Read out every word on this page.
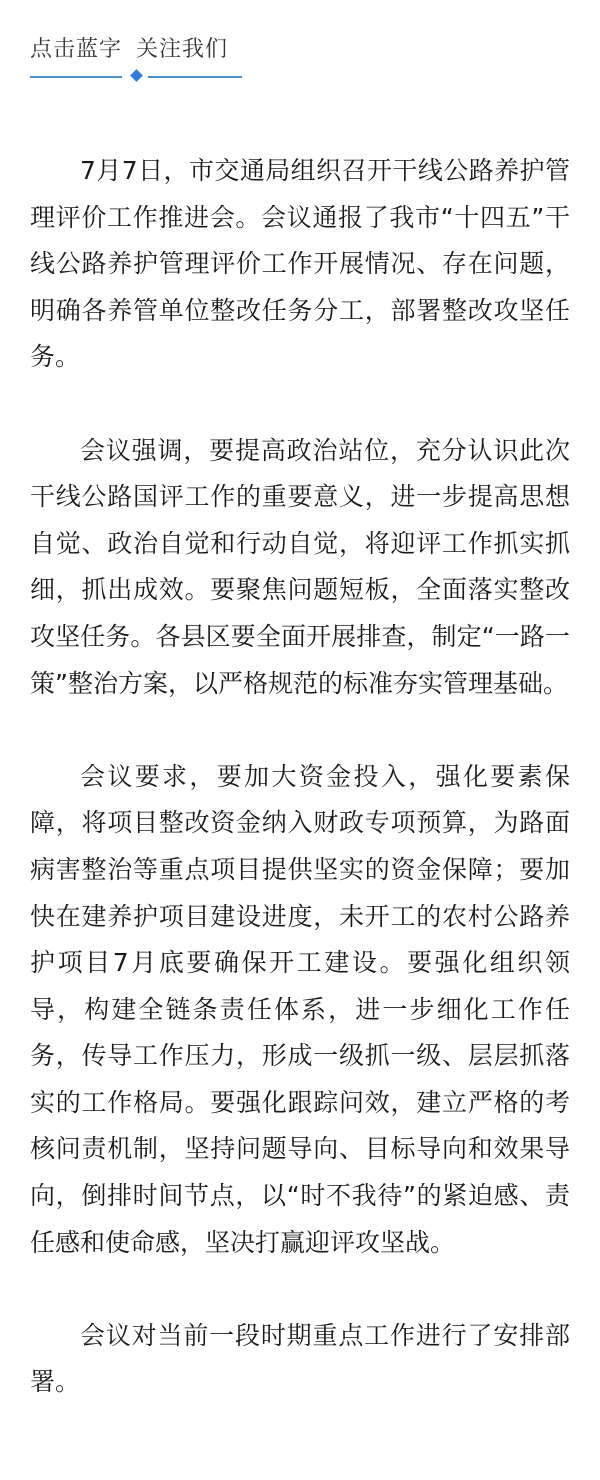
点击蓝字 关注我们

7月7日，市交通局组织召开干线公路养护管理评价工作推进会。会议通报了我市“十四五”干线公路养护管理评价工作开展情况、存在问题，明确各养管单位整改任务分工，部署整改攻坚任务。

会议强调，要提高政治站位，充分认识此次干线公路国评工作的重要意义，进一步提高思想自觉、政治自觉和行动自觉，将迎评工作抓实抓细，抓出成效。要聚焦问题短板，全面落实整改攻坚任务。各县区要全面开展排查，制定“一路一策”整治方案，以严格规范的标准夯实管理基础。

会议要求，要加大资金投入，强化要素保障，将项目整改资金纳入财政专项预算，为路面病害整治等重点项目提供坚实的资金保障；要加快在建养护项目建设进度，未开工的农村公路养护项目7月底要确保开工建设。要强化组织领导，构建全链条责任体系，进一步细化工作任务，传导工作压力，形成一级抓一级、层层抓落实的工作格局。要强化跟踪问效，建立严格的考核问责机制，坚持问题导向、目标导向和效果导向，倒排时间节点，以“时不我待”的紧迫感、责任感和使命感，坚决打赢迎评攻坚战。

会议对当前一段时期重点工作进行了安排部署。
